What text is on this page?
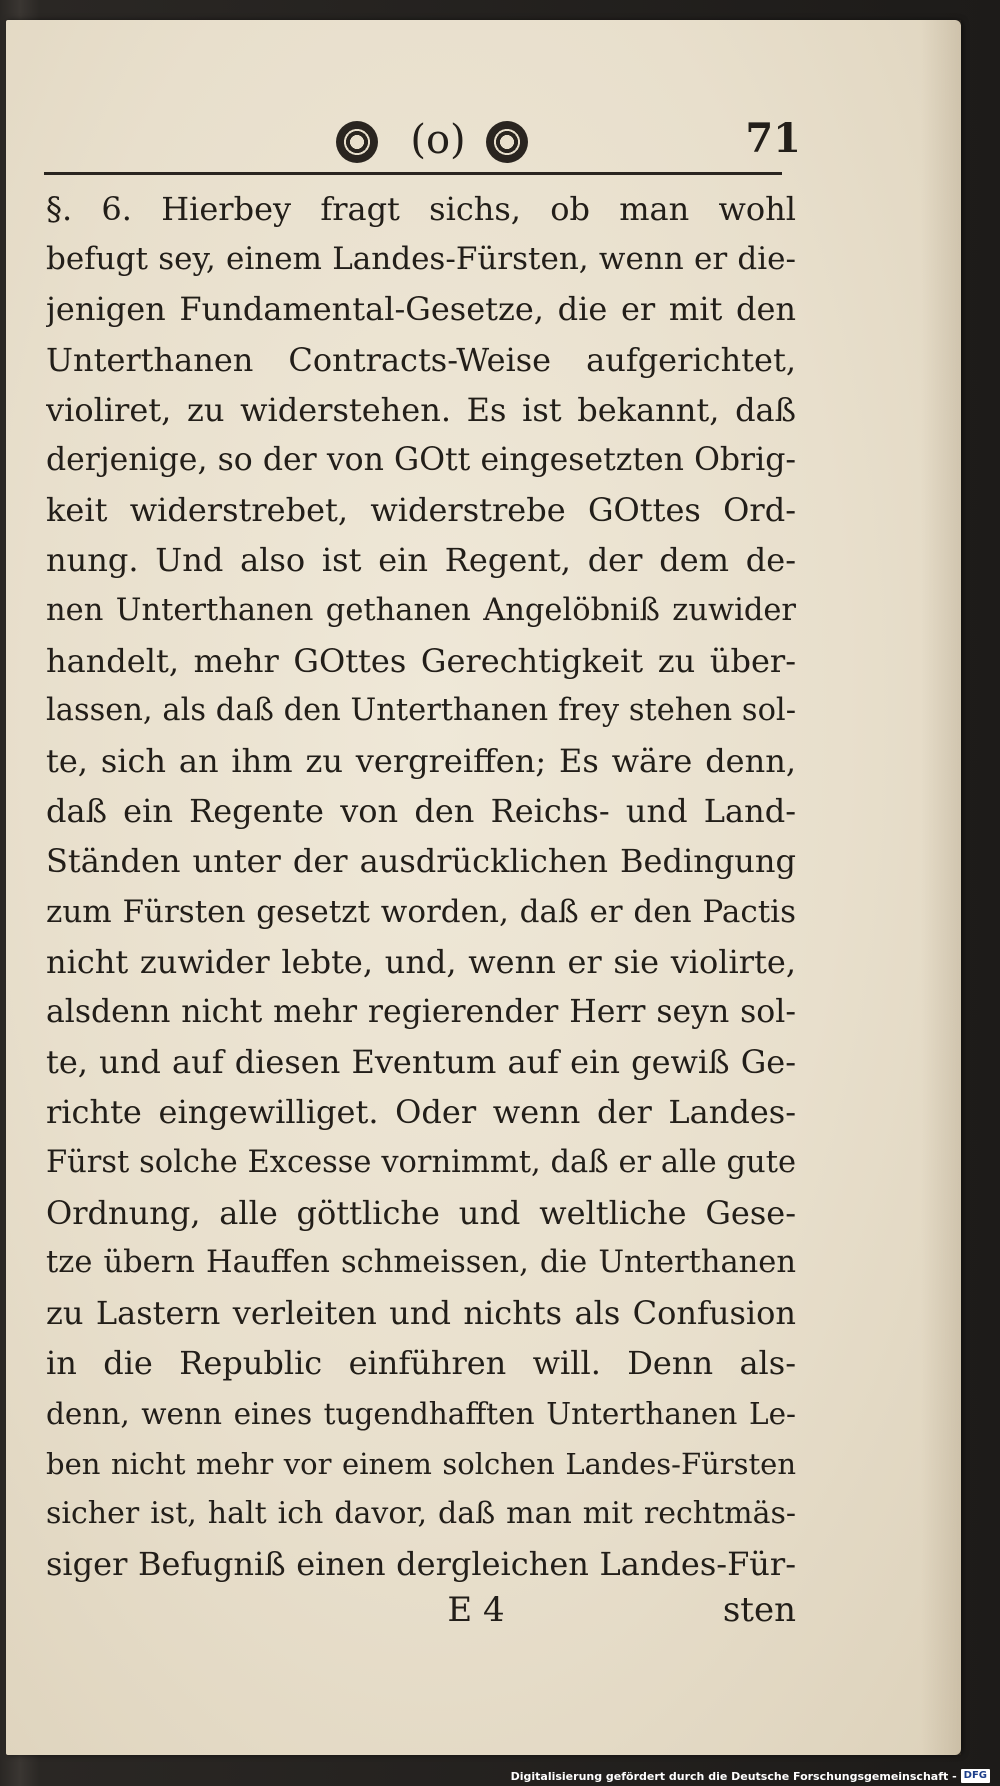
(o)	71
§. 6. Hierbey fragt sichs, ob man wohl
befugt sey, einem Landes-Fürsten, wenn er die-
jenigen Fundamental-Gesetze, die er mit den
Unterthanen Contracts-Weise aufgerichtet,
violiret, zu widerstehen. Es ist bekannt, daß
derjenige, so der von GOtt eingesetzten Obrig-
keit widerstrebet, widerstrebe GOttes Ord-
nung. Und also ist ein Regent, der dem de-
nen Unterthanen gethanen Angelöbniß zuwider
handelt, mehr GOttes Gerechtigkeit zu über-
lassen, als daß den Unterthanen frey stehen sol-
te, sich an ihm zu vergreiffen; Es wäre denn,
daß ein Regente von den Reichs- und Land-
Ständen unter der ausdrücklichen Bedingung
zum Fürsten gesetzt worden, daß er den Pactis
nicht zuwider lebte, und, wenn er sie violirte,
alsdenn nicht mehr regierender Herr seyn sol-
te, und auf diesen Eventum auf ein gewiß Ge-
richte eingewilliget. Oder wenn der Landes-
Fürst solche Excesse vornimmt, daß er alle gute
Ordnung, alle göttliche und weltliche Gese-
tze übern Hauffen schmeissen, die Unterthanen
zu Lastern verleiten und nichts als Confusion
in die Republic einführen will. Denn als-
denn, wenn eines tugendhafften Unterthanen Le-
ben nicht mehr vor einem solchen Landes-Fürsten
sicher ist, halt ich davor, daß man mit rechtmäs-
siger Befugniß einen dergleichen Landes-Für-
E 4	sten
Digitalisierung gefördert durch die Deutsche Forschungsgemeinschaft - DFG
